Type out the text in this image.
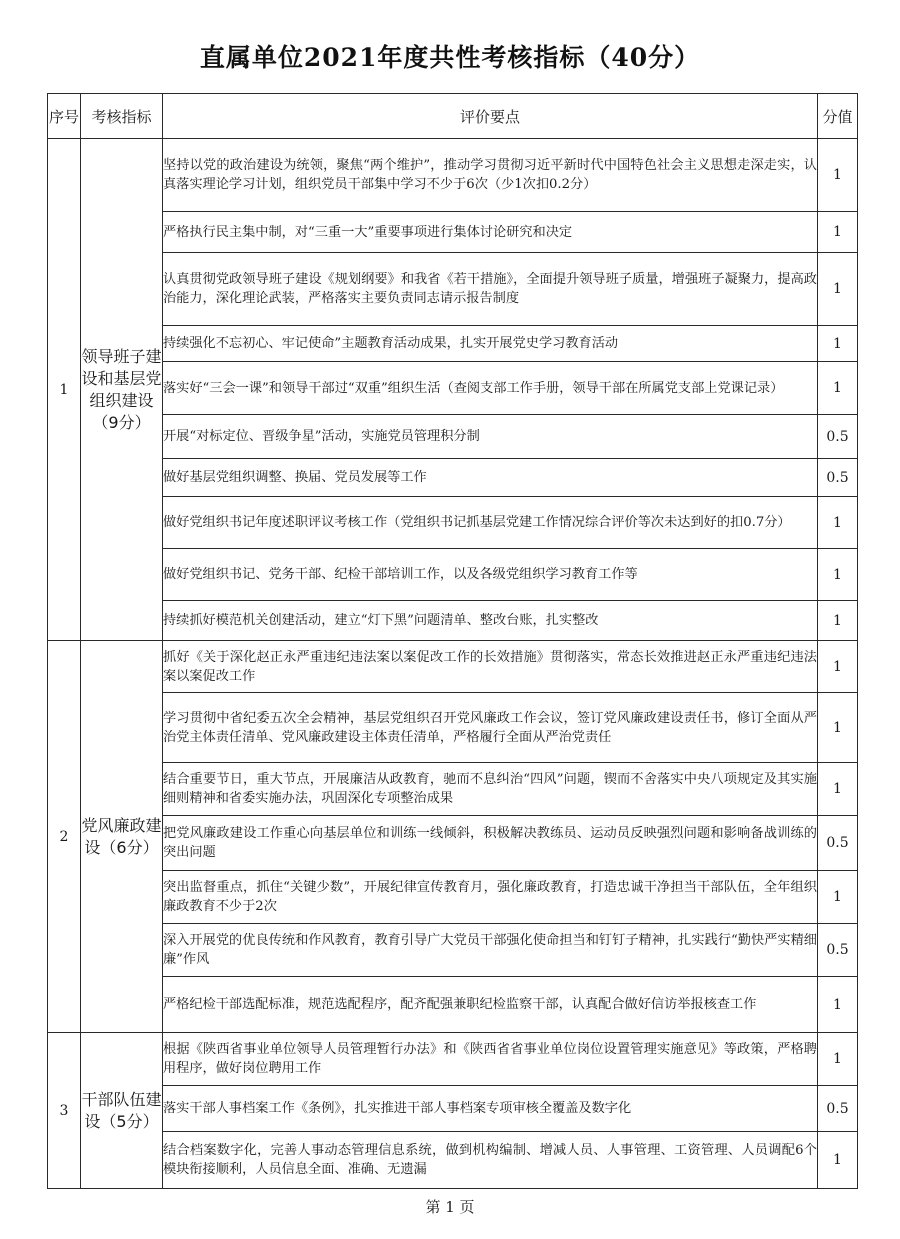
直属单位2021年度共性考核指标（40分）
序号	考核指标	评价要点	分值
1	领导班子建设和基层党组织建设（9分）	坚持以党的政治建设为统领，聚焦“两个维护”，推动学习贯彻习近平新时代中国特色社会主义思想走深走实，认真落实理论学习计划，组织党员干部集中学习不少于6次（少1次扣0.2分）	1
		严格执行民主集中制，对“三重一大”重要事项进行集体讨论研究和决定	1
		认真贯彻党政领导班子建设《规划纲要》和我省《若干措施》，全面提升领导班子质量，增强班子凝聚力，提高政治能力，深化理论武装，严格落实主要负责同志请示报告制度	1
		持续强化不忘初心、牢记使命”主题教育活动成果，扎实开展党史学习教育活动	1
		落实好“三会一课”和领导干部过“双重”组织生活（查阅支部工作手册，领导干部在所属党支部上党课记录）	1
		开展“对标定位、晋级争星”活动，实施党员管理积分制	0.5
		做好基层党组织调整、换届、党员发展等工作	0.5
		做好党组织书记年度述职评议考核工作（党组织书记抓基层党建工作情况综合评价等次未达到好的扣0.7分）	1
		做好党组织书记、党务干部、纪检干部培训工作，以及各级党组织学习教育工作等	1
		持续抓好模范机关创建活动，建立“灯下黑”问题清单、整改台账，扎实整改	1
2	党风廉政建设（6分）	抓好《关于深化赵正永严重违纪违法案以案促改工作的长效措施》贯彻落实，常态长效推进赵正永严重违纪违法案以案促改工作	1
		学习贯彻中省纪委五次全会精神，基层党组织召开党风廉政工作会议，签订党风廉政建设责任书，修订全面从严治党主体责任清单、党风廉政建设主体责任清单，严格履行全面从严治党责任	1
		结合重要节日，重大节点，开展廉洁从政教育，驰而不息纠治“四风”问题，锲而不舍落实中央八项规定及其实施细则精神和省委实施办法，巩固深化专项整治成果	1
		把党风廉政建设工作重心向基层单位和训练一线倾斜，积极解决教练员、运动员反映强烈问题和影响备战训练的突出问题	0.5
		突出监督重点，抓住“关键少数”，开展纪律宣传教育月，强化廉政教育，打造忠诚干净担当干部队伍，全年组织廉政教育不少于2次	1
		深入开展党的优良传统和作风教育，教育引导广大党员干部强化使命担当和钉钉子精神，扎实践行“勤快严实精细廉”作风	0.5
		严格纪检干部选配标准，规范选配程序，配齐配强兼职纪检监察干部，认真配合做好信访举报核查工作	1
3	干部队伍建设（5分）	根据《陕西省事业单位领导人员管理暂行办法》和《陕西省省事业单位岗位设置管理实施意见》等政策，严格聘用程序，做好岗位聘用工作	1
		落实干部人事档案工作《条例》，扎实推进干部人事档案专项审核全覆盖及数字化	0.5
		结合档案数字化，完善人事动态管理信息系统，做到机构编制、增减人员、人事管理、工资管理、人员调配6个模块衔接顺利，人员信息全面、准确、无遗漏	1
第 1 页
